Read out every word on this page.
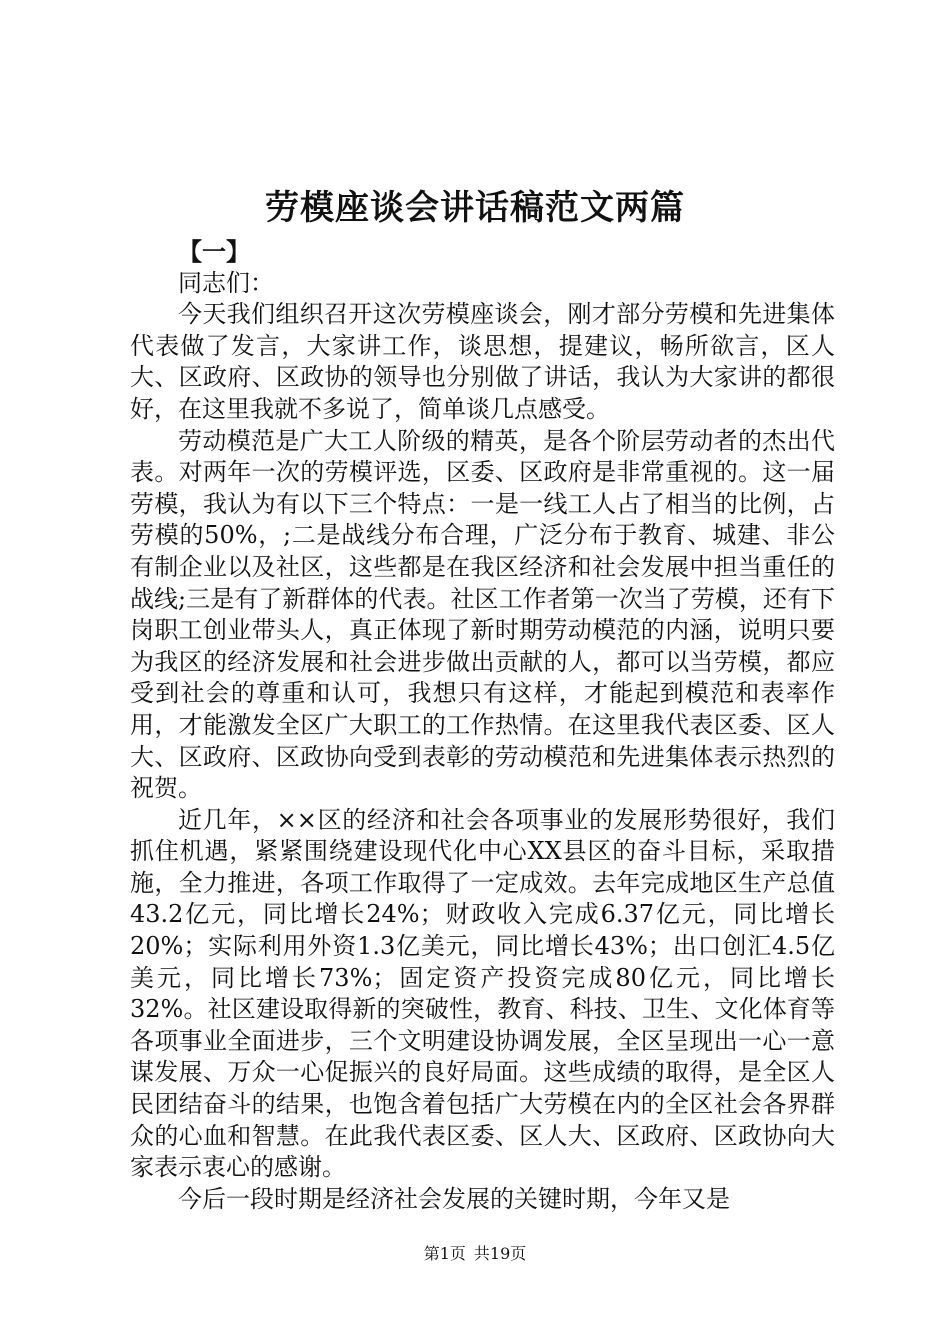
劳模座谈会讲话稿范文两篇

【一】

同志们：

今天我们组织召开这次劳模座谈会，刚才部分劳模和先进集体代表做了发言，大家讲工作，谈思想，提建议，畅所欲言，区人大、区政府、区政协的领导也分别做了讲话，我认为大家讲的都很好，在这里我就不多说了，简单谈几点感受。

劳动模范是广大工人阶级的精英，是各个阶层劳动者的杰出代表。对两年一次的劳模评选，区委、区政府是非常重视的。这一届劳模，我认为有以下三个特点：一是一线工人占了相当的比例，占劳模的50%，;二是战线分布合理，广泛分布于教育、城建、非公有制企业以及社区，这些都是在我区经济和社会发展中担当重任的战线;三是有了新群体的代表。社区工作者第一次当了劳模，还有下岗职工创业带头人，真正体现了新时期劳动模范的内涵，说明只要为我区的经济发展和社会进步做出贡献的人，都可以当劳模，都应受到社会的尊重和认可，我想只有这样，才能起到模范和表率作用，才能激发全区广大职工的工作热情。在这里我代表区委、区人大、区政府、区政协向受到表彰的劳动模范和先进集体表示热烈的祝贺。

近几年，××区的经济和社会各项事业的发展形势很好，我们抓住机遇，紧紧围绕建设现代化中心XX县区的奋斗目标，采取措施，全力推进，各项工作取得了一定成效。去年完成地区生产总值43.2亿元，同比增长24%；财政收入完成6.37亿元，同比增长20%；实际利用外资1.3亿美元，同比增长43%；出口创汇4.5亿美元，同比增长73%；固定资产投资完成80亿元，同比增长32%。社区建设取得新的突破性，教育、科技、卫生、文化体育等各项事业全面进步，三个文明建设协调发展，全区呈现出一心一意谋发展、万众一心促振兴的良好局面。这些成绩的取得，是全区人民团结奋斗的结果，也饱含着包括广大劳模在内的全区社会各界群众的心血和智慧。在此我代表区委、区人大、区政府、区政协向大家表示衷心的感谢。

今后一段时期是经济社会发展的关键时期，今年又是

第1页 共19页
